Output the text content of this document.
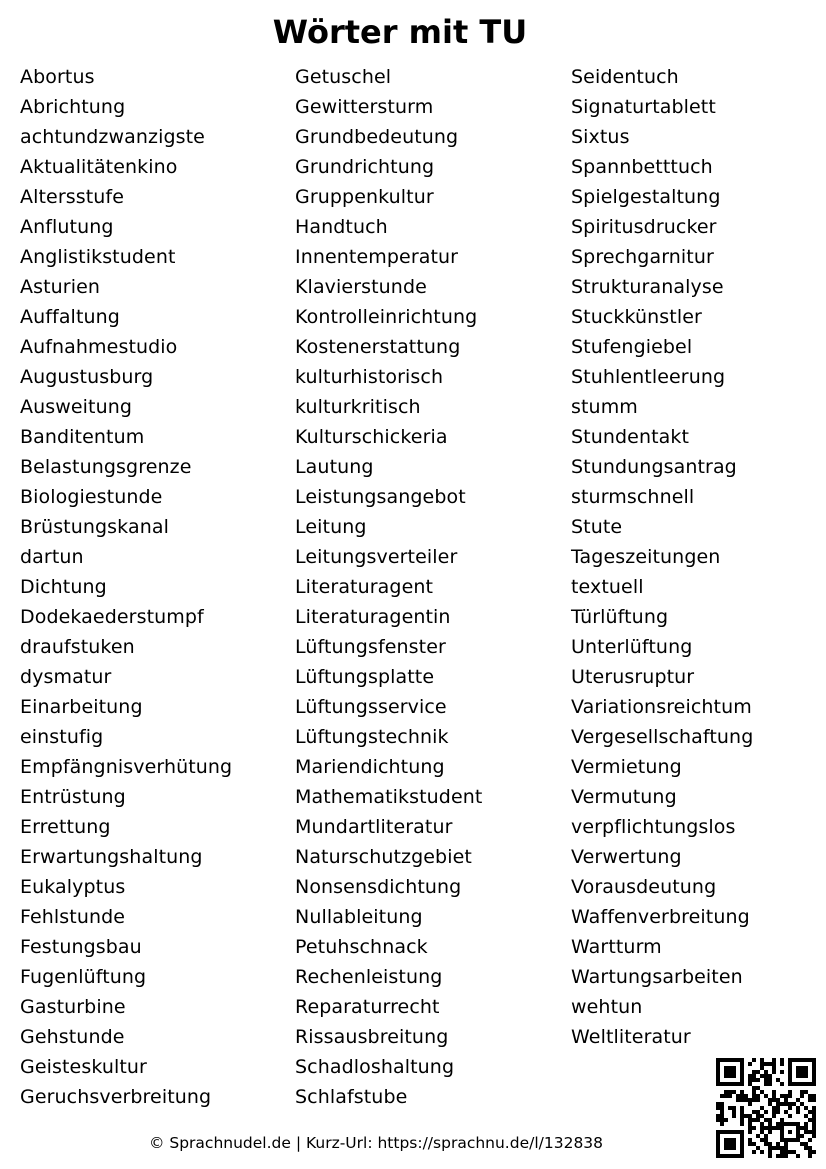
Wörter mit TU
Abortus
Abrichtung
achtundzwanzigste
Aktualitätenkino
Altersstufe
Anflutung
Anglistikstudent
Asturien
Auffaltung
Aufnahmestudio
Augustusburg
Ausweitung
Banditentum
Belastungsgrenze
Biologiestunde
Brüstungskanal
dartun
Dichtung
Dodekaederstumpf
draufstuken
dysmatur
Einarbeitung
einstufig
Empfängnisverhütung
Entrüstung
Errettung
Erwartungshaltung
Eukalyptus
Fehlstunde
Festungsbau
Fugenlüftung
Gasturbine
Gehstunde
Geisteskultur
Geruchsverbreitung
Getuschel
Gewittersturm
Grundbedeutung
Grundrichtung
Gruppenkultur
Handtuch
Innentemperatur
Klavierstunde
Kontrolleinrichtung
Kostenerstattung
kulturhistorisch
kulturkritisch
Kulturschickeria
Lautung
Leistungsangebot
Leitung
Leitungsverteiler
Literaturagent
Literaturagentin
Lüftungsfenster
Lüftungsplatte
Lüftungsservice
Lüftungstechnik
Mariendichtung
Mathematikstudent
Mundartliteratur
Naturschutzgebiet
Nonsensdichtung
Nullableitung
Petuhschnack
Rechenleistung
Reparaturrecht
Rissausbreitung
Schadloshaltung
Schlafstube
Seidentuch
Signaturtablett
Sixtus
Spannbetttuch
Spielgestaltung
Spiritusdrucker
Sprechgarnitur
Strukturanalyse
Stuckkünstler
Stufengiebel
Stuhlentleerung
stumm
Stundentakt
Stundungsantrag
sturmschnell
Stute
Tageszeitungen
textuell
Türlüftung
Unterlüftung
Uterusruptur
Variationsreichtum
Vergesellschaftung
Vermietung
Vermutung
verpflichtungslos
Verwertung
Vorausdeutung
Waffenverbreitung
Wartturm
Wartungsarbeiten
wehtun
Weltliteratur

© Sprachnudel.de | Kurz-Url: https://sprachnu.de/l/132838
